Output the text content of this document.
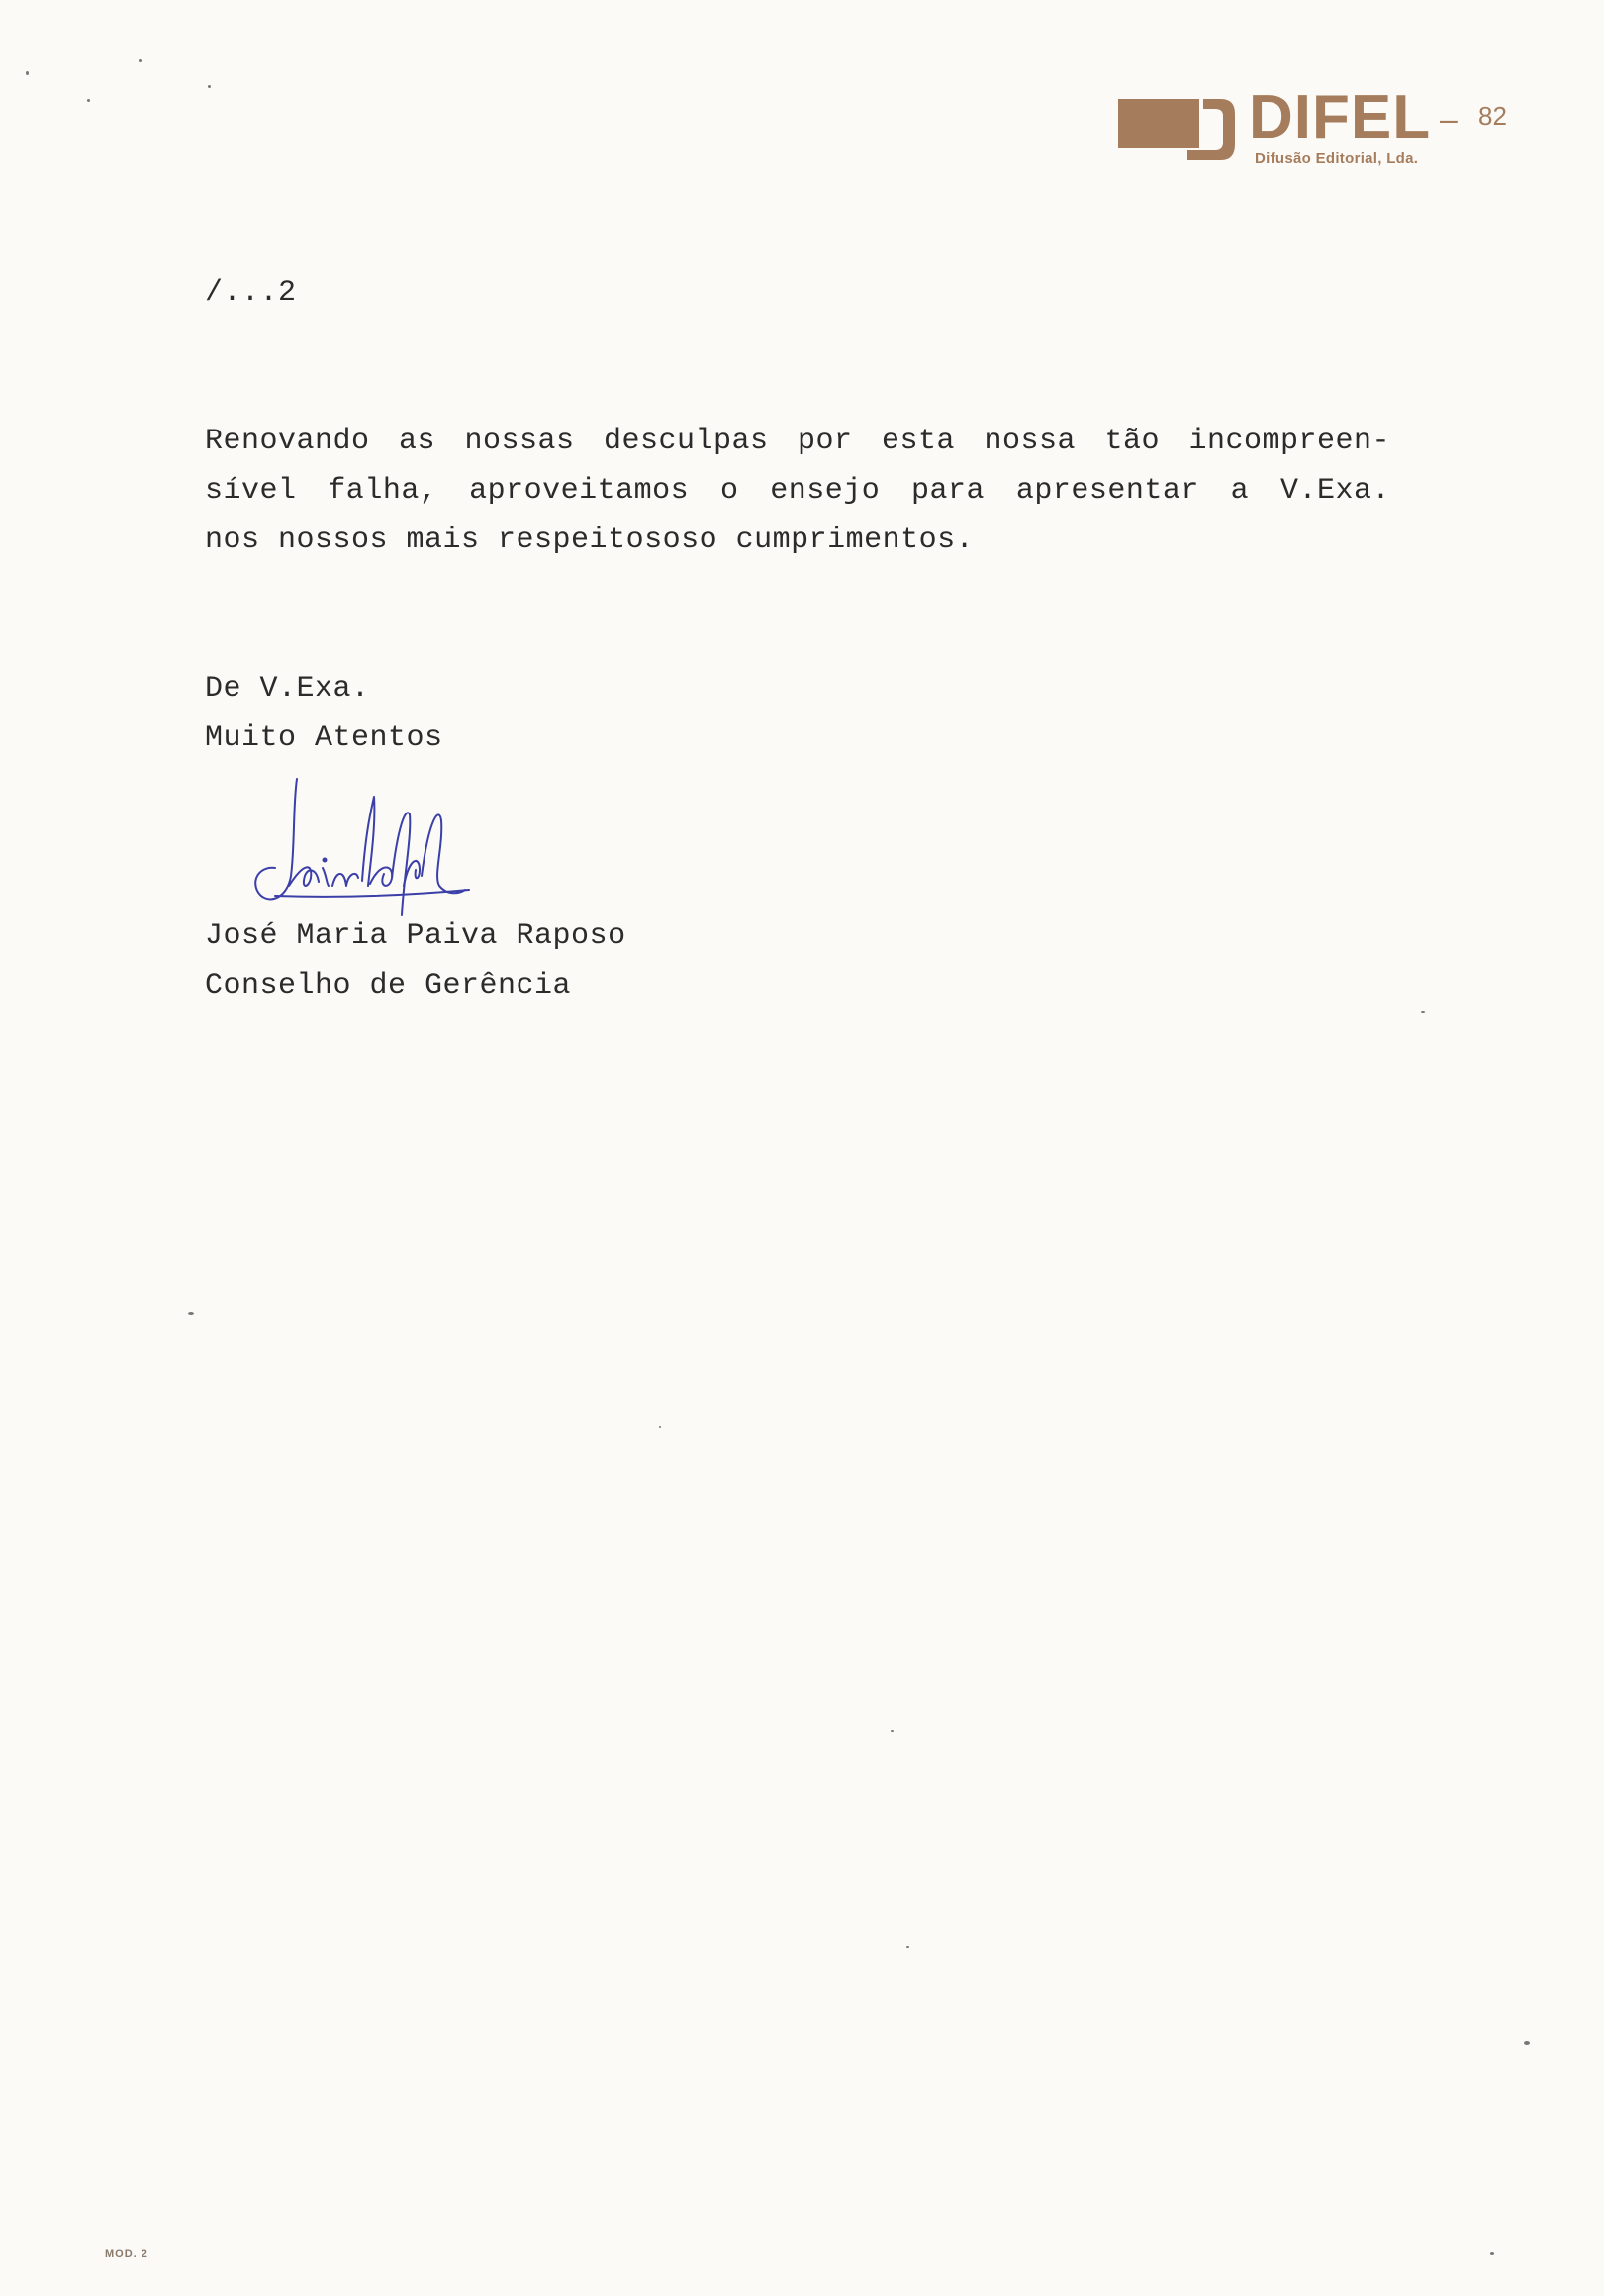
DIFEL – 82
Difusão Editorial, Lda.
/...2
Renovando as nossas desculpas por esta nossa tão incompreen-
sível falha, aproveitamos o ensejo para apresentar a V.Exa.
nos nossos mais respeitososo cumprimentos.
De V.Exa.
Muito Atentos
José Maria Paiva Raposo
Conselho de Gerência
MOD. 2
